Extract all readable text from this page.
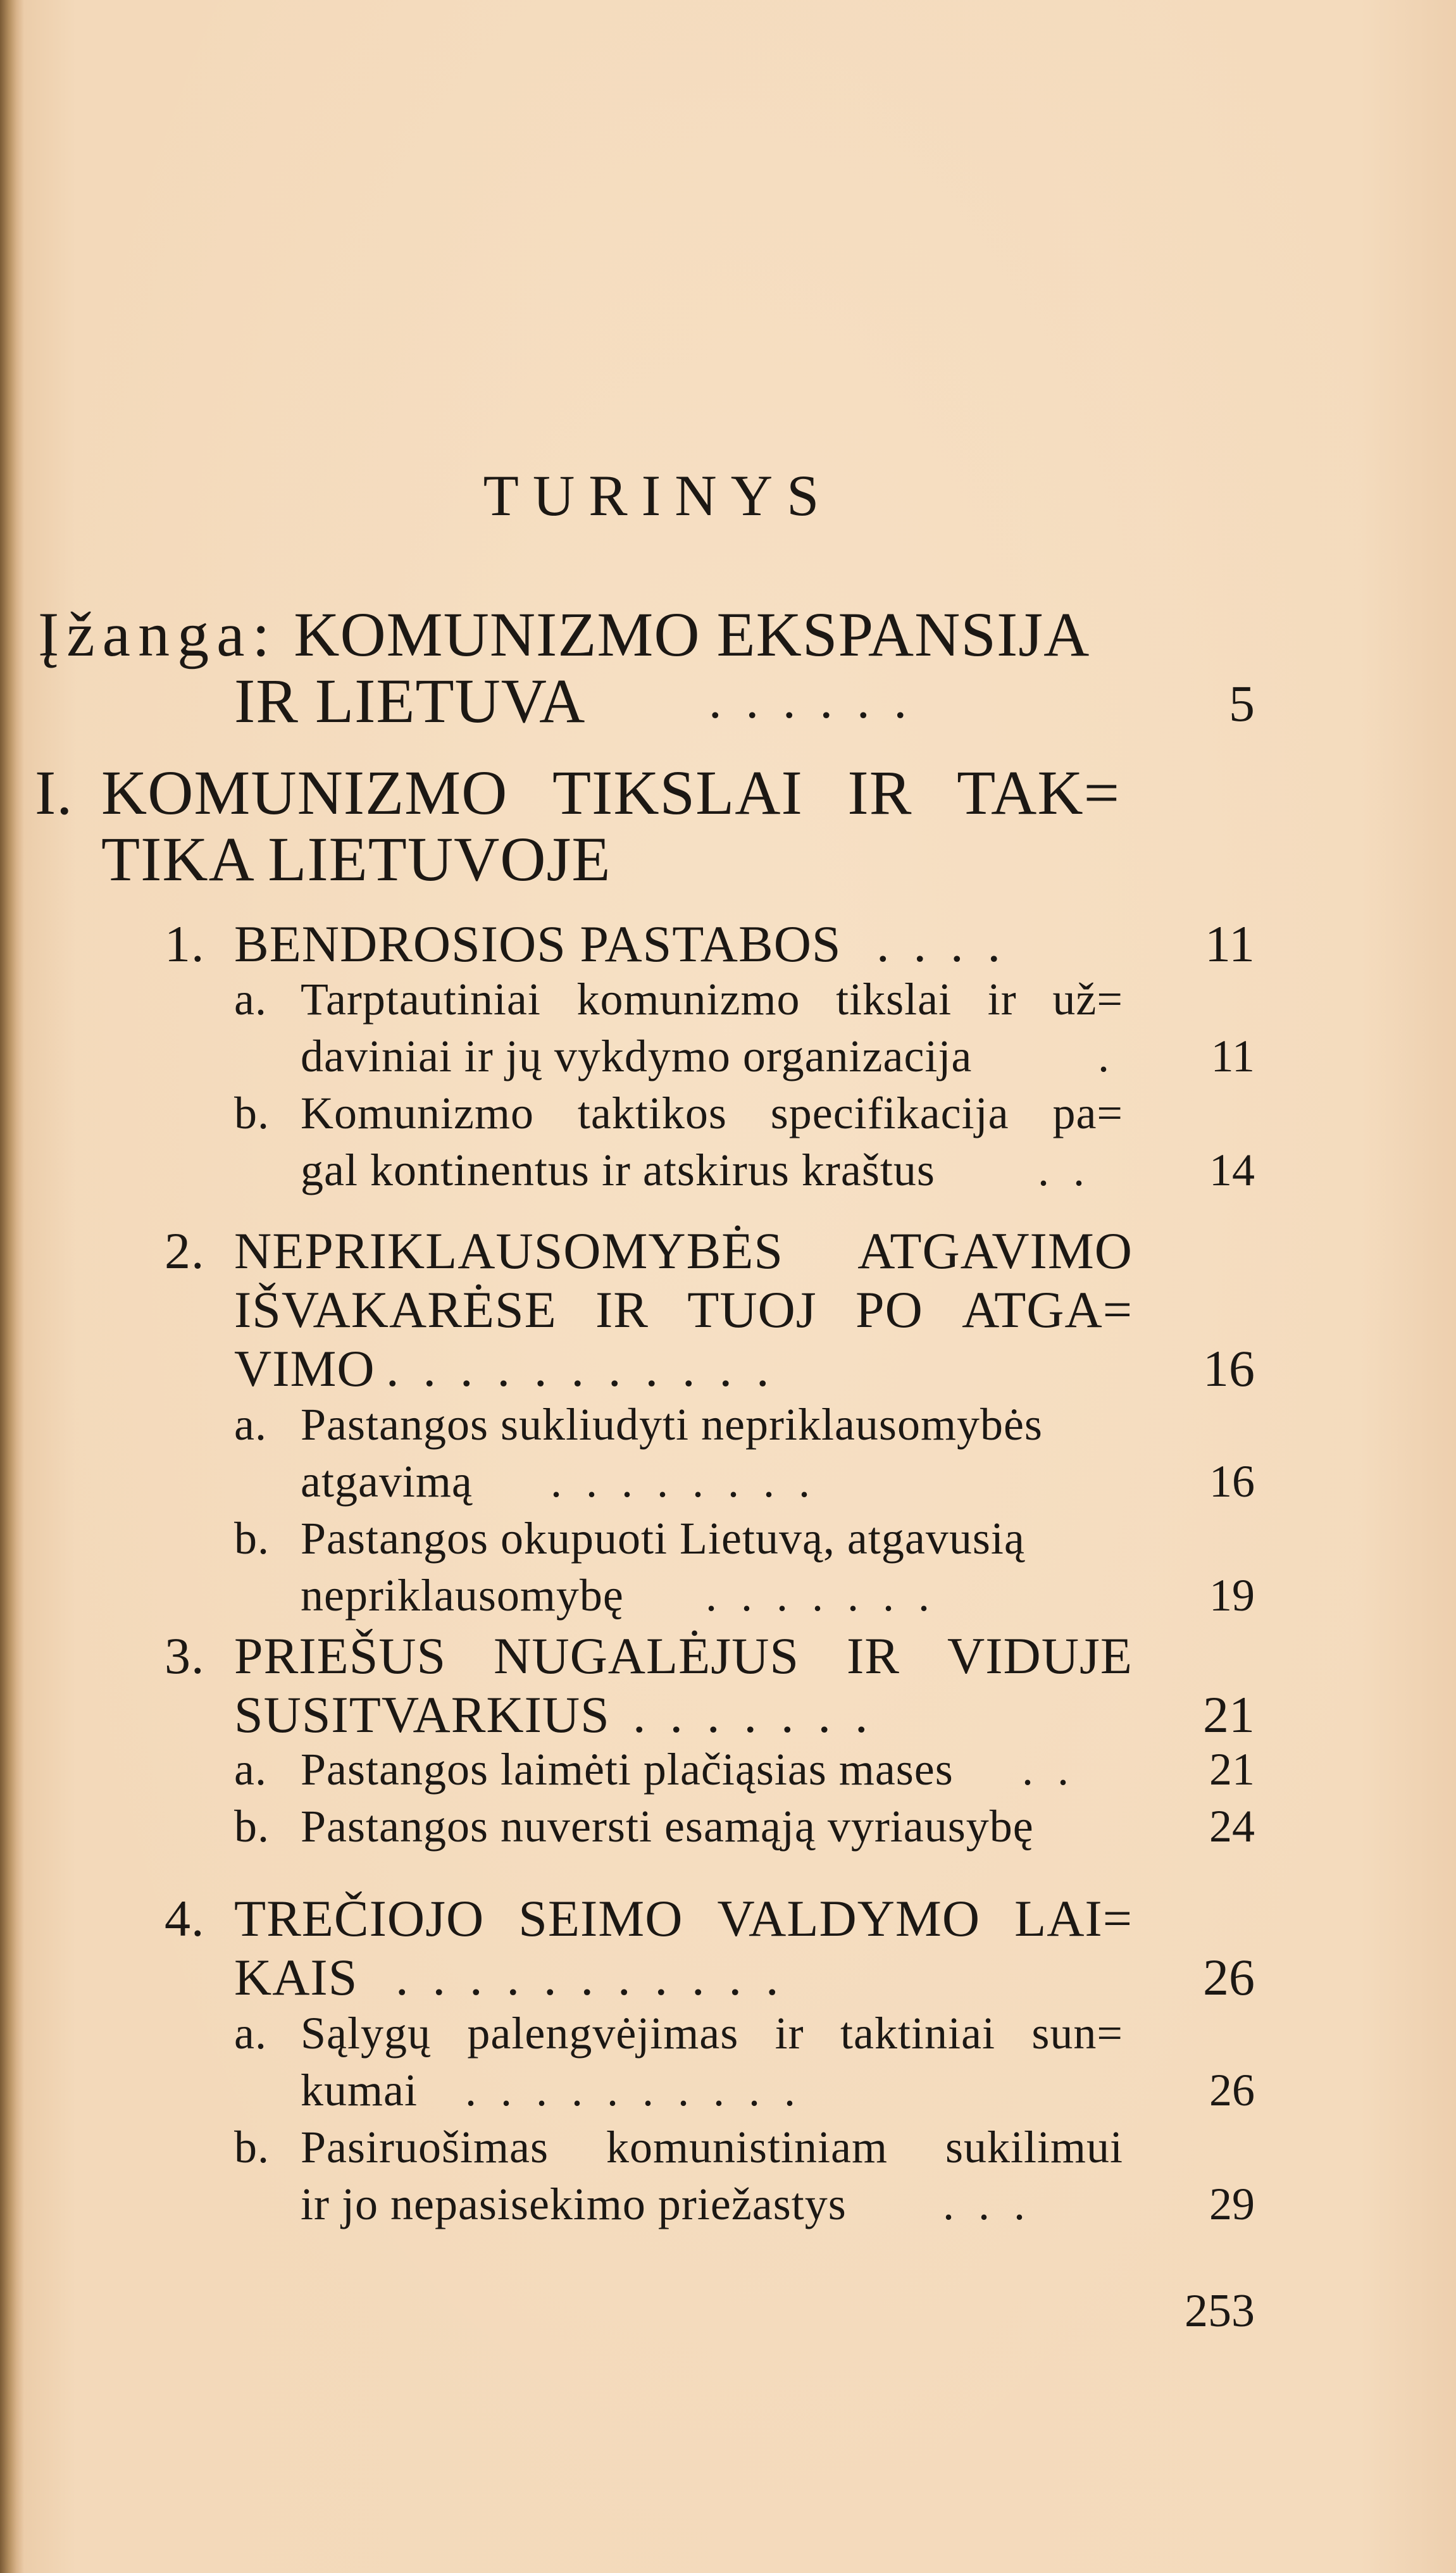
TURINYS
Įžanga: KOMUNIZMO EKSPANSIJA
IR LIETUVA ......	5
I. KOMUNIZMO TIKSLAI IR TAK=
TIKA LIETUVOJE
1. BENDROSIOS PASTABOS ....	11
a. Tarptautiniai komunizmo tikslai ir už=
daviniai ir jų vykdymo organizacija	. 11
b. Komunizmo taktikos specifikacija pa=
gal kontinentus ir atskirus kraštus .. 14
2. NEPRIKLAUSOMYBĖS ATGAVIMO
IŠVAKARĖSE IR TUOJ PO ATGA=
VIMO ...........	16
a. Pastangos sukliudyti nepriklausomybės
atgavimą ........	16
b. Pastangos okupuoti Lietuvą, atgavusią
nepriklausomybę .......	19
3. PRIEŠUS NUGALĖJUS IR VIDUJE
SUSITVARKIUS .......	21
a. Pastangos laimėti plačiąsias mases ..	21
b. Pastangos nuversti esamąją vyriausybę	24
4. TREČIOJO SEIMO VALDYMO LAI=
KAIS ...........	26
a. Sąlygų palengvėjimas ir taktiniai sun=
kumai ..........	26
b. Pasiruošimas komunistiniam sukilimui
ir jo nepasisekimo priežastys ...	29
253
